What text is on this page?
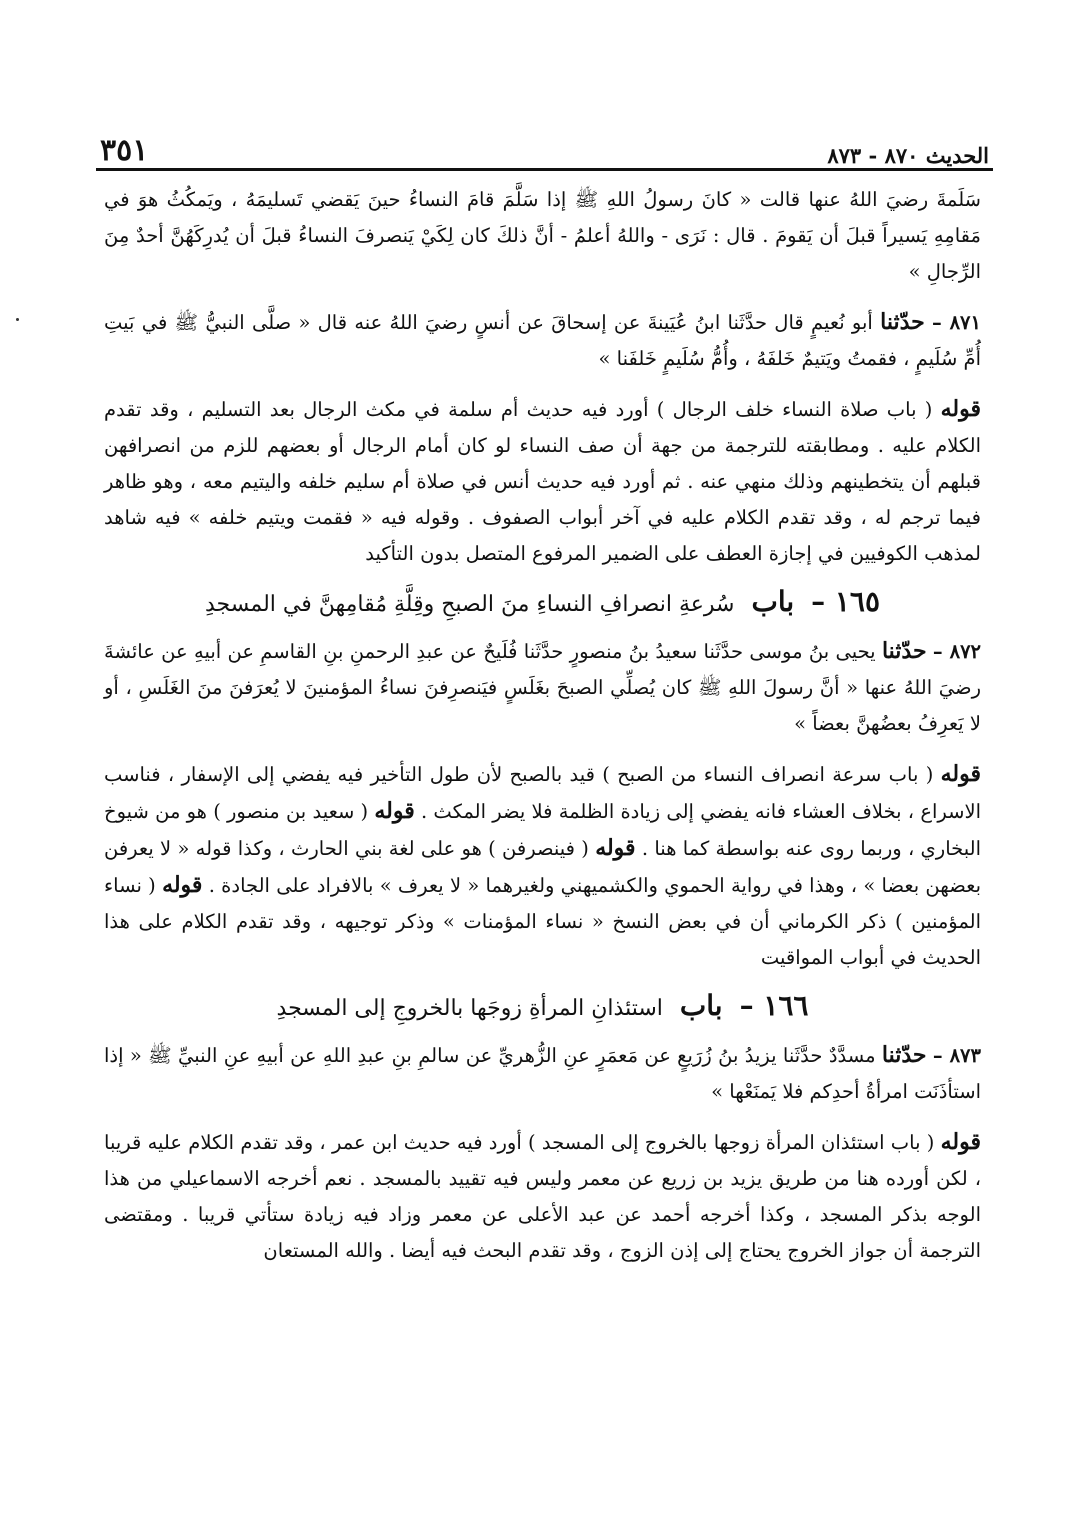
الحديث ٨٧٠ - ٨٧٣
٣٥١

سَلَمةَ رضيَ اللهُ عنها قالت « كانَ رسولُ اللهِ ﷺ إذا سَلَّمَ قامَ النساءُ حينَ يَقضي تَسليمَهُ ، ويَمكُثُ هوَ في مَقامِهِ يَسيراً قبلَ أن يَقومَ . قال : نَرَى - واللهُ أعلمُ - أنَّ ذلكَ كان لِكَيْ يَنصرفَ النساءُ قبلَ أن يُدرِكَهُنَّ أحدٌ مِنَ الرِّجالِ »

٨٧١ – حدّثنا أبو نُعيمٍ قال حدَّثَنا ابنُ عُيَينةَ عن إسحاقَ عن أنسٍ رضيَ اللهُ عنه قال « صلَّى النبيُّ ﷺ في بَيتِ أُمِّ سُلَيمٍ ، فقمتُ ويَتيمٌ خَلفَهُ ، وأُمُّ سُلَيمٍ خَلفَنا »

قوله ( باب صلاة النساء خلف الرجال ) أورد فيه حديث أم سلمة في مكث الرجال بعد التسليم ، وقد تقدم الكلام عليه . ومطابقته للترجمة من جهة أن صف النساء لو كان أمام الرجال أو بعضهم للزم من انصرافهن قبلهم أن يتخطينهم وذلك منهي عنه . ثم أورد فيه حديث أنس في صلاة أم سليم خلفه واليتيم معه ، وهو ظاهر فيما ترجم له ، وقد تقدم الكلام عليه في آخر أبواب الصفوف . وقوله فيه « فقمت ويتيم خلفه » فيه شاهد لمذهب الكوفيين في إجازة العطف على الضمير المرفوع المتصل بدون التأكيد

١٦٥ – باب سُرعةِ انصرافِ النساءِ منَ الصبحِ وقِلَّةِ مُقامِهنَّ في المسجدِ

٨٧٢ – حدّثنا يحيى بنُ موسى حدَّثَنا سعيدُ بنُ منصورٍ حدَّثَنا فُلَيحٌ عن عبدِ الرحمنِ بنِ القاسمِ عن أبيهِ عن عائشةَ رضيَ اللهُ عنها « أنَّ رسولَ اللهِ ﷺ كان يُصلِّي الصبحَ بغَلَسٍ فيَنصرِفنَ نساءُ المؤمنينَ لا يُعرَفنَ منَ الغَلَسِ ، أو لا يَعرِفُ بعضُهنَّ بعضاً »

قوله ( باب سرعة انصراف النساء من الصبح ) قيد بالصبح لأن طول التأخير فيه يفضي إلى الإسفار ، فناسب الاسراع ، بخلاف العشاء فانه يفضي إلى زيادة الظلمة فلا يضر المكث . قوله ( سعيد بن منصور ) هو من شيوخ البخاري ، وربما روى عنه بواسطة كما هنا . قوله ( فينصرفن ) هو على لغة بني الحارث ، وكذا قوله « لا يعرفن بعضهن بعضا » ، وهذا في رواية الحموي والكشميهني ولغيرهما « لا يعرف » بالافراد على الجادة . قوله ( نساء المؤمنين ) ذكر الكرماني أن في بعض النسخ « نساء المؤمنات » وذكر توجيهه ، وقد تقدم الكلام على هذا الحديث في أبواب المواقيت

١٦٦ – باب استئذانِ المرأةِ زوجَها بالخروجِ إلى المسجدِ

٨٧٣ – حدّثنا مسدَّدٌ حدَّثَنا يزيدُ بنُ زُرَيعٍ عن مَعمَرٍ عنِ الزُّهريِّ عن سالمِ بنِ عبدِ اللهِ عن أبيهِ عنِ النبيِّ ﷺ « إذا استأذَنَت امرأةُ أحدِكم فلا يَمنَعْها »

قوله ( باب استئذان المرأة زوجها بالخروج إلى المسجد ) أورد فيه حديث ابن عمر ، وقد تقدم الكلام عليه قريبا ، لكن أورده هنا من طريق يزيد بن زريع عن معمر وليس فيه تقييد بالمسجد . نعم أخرجه الاسماعيلي من هذا الوجه بذكر المسجد ، وكذا أخرجه أحمد عن عبد الأعلى عن معمر وزاد فيه زيادة ستأتي قريبا . ومقتضى الترجمة أن جواز الخروج يحتاج إلى إذن الزوج ، وقد تقدم البحث فيه أيضا . والله المستعان
